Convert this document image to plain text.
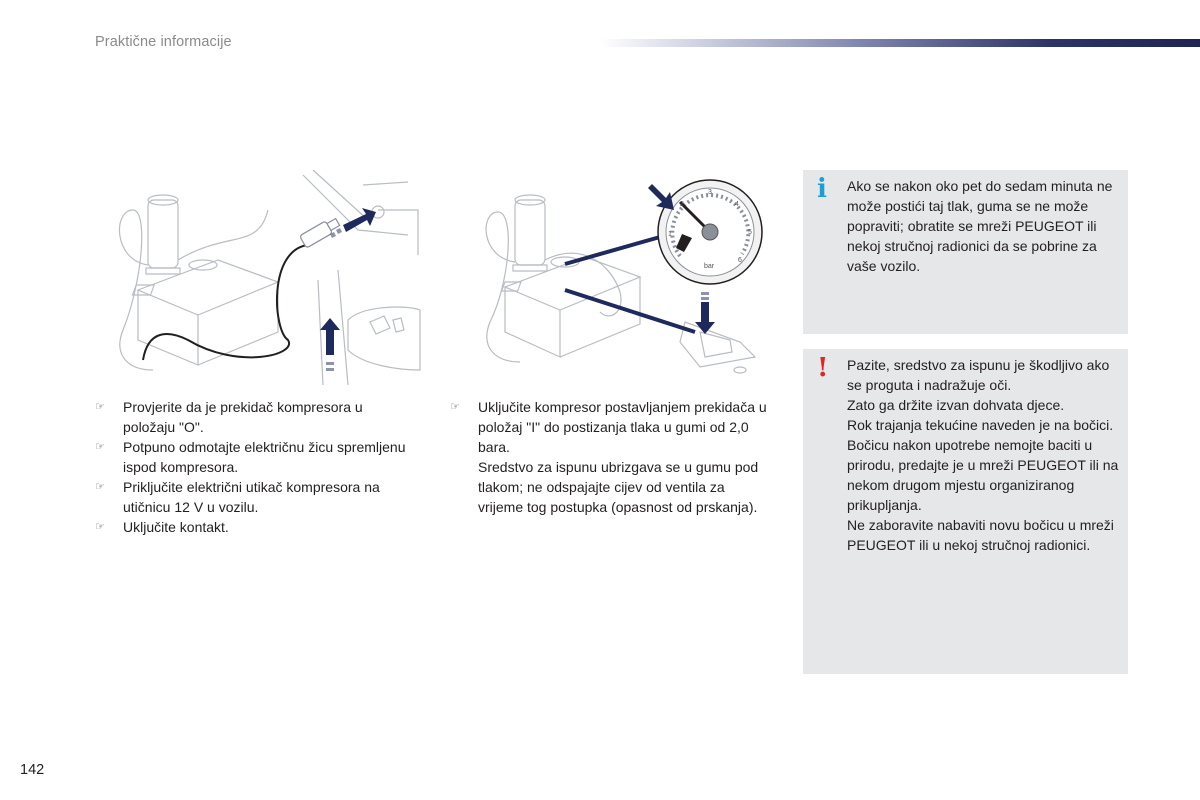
Praktične informacije
1
2
3
4
5
6
bar
☞ Provjerite da je prekidač kompresora u položaju "O".
☞ Potpuno odmotajte električnu žicu spremljenu ispod kompresora.
☞ Priključite električni utikač kompresora na utičnicu 12 V u vozilu.
☞ Uključite kontakt.
☞ Uključite kompresor postavljanjem prekidača u položaj "I" do postizanja tlaka u gumi od 2,0 bara.
Sredstvo za ispunu ubrizgava se u gumu pod tlakom; ne odspajajte cijev od ventila za vrijeme tog postupka (opasnost od prskanja).
i Ako se nakon oko pet do sedam minuta ne može postići taj tlak, guma se ne može popraviti; obratite se mreži PEUGEOT ili nekoj stručnoj radionici da se pobrine za vaše vozilo.
! Pazite, sredstvo za ispunu je škodljivo ako se proguta i nadražuje oči.
Zato ga držite izvan dohvata djece.
Rok trajanja tekućine naveden je na bočici.
Bočicu nakon upotrebe nemojte baciti u prirodu, predajte je u mreži PEUGEOT ili na nekom drugom mjestu organiziranog prikupljanja.
Ne zaboravite nabaviti novu bočicu u mreži PEUGEOT ili u nekoj stručnoj radionici.
142
